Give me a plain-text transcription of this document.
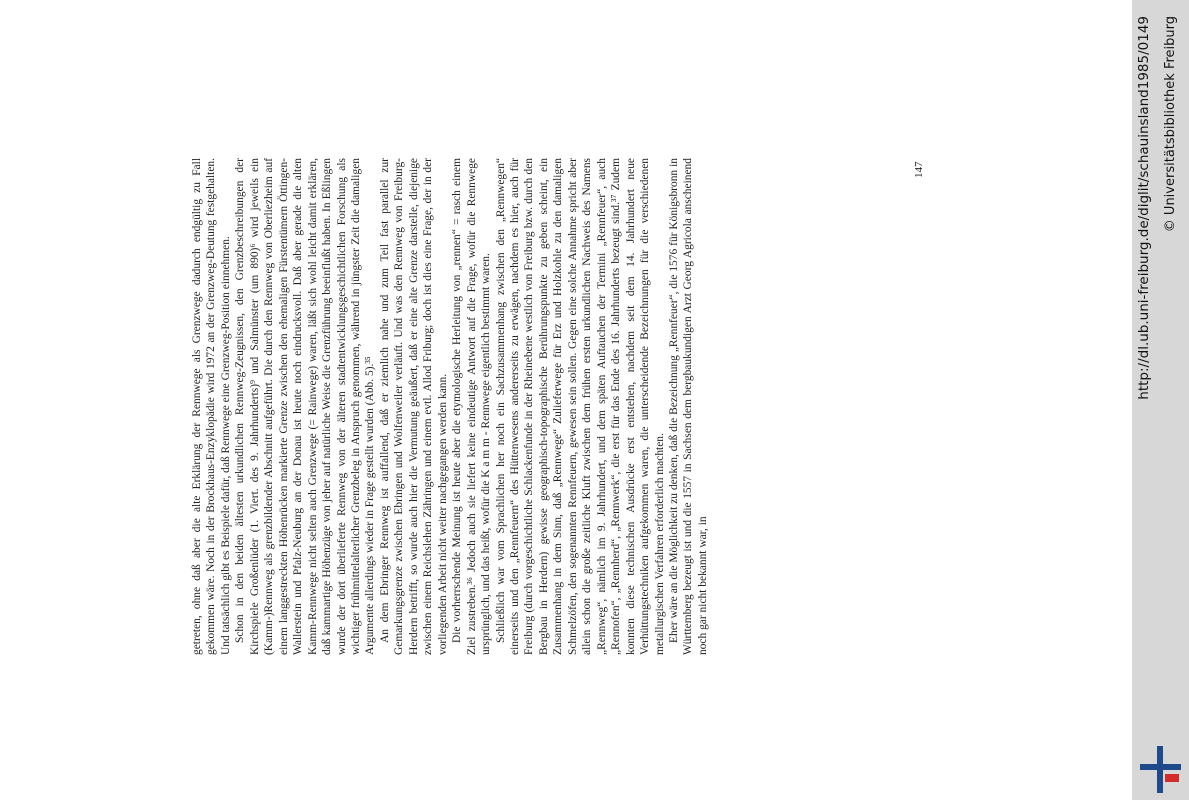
getreten, ohne daß aber die alte Erklärung der Rennwege als Grenzwege dadurch endgültig zu Fall gekommen wäre. Noch in der Brockhaus-Enzyklopädie wird 1972 an der Grenzweg-Deutung festgehalten. Und tatsächlich gibt es Beispiele dafür, daß Rennwege eine Grenzweg-Position einnehmen. Schon in den beiden ältesten urkundlichen Rennweg-Zeugnissen, den Grenzbeschreibungen der Kirchspiele Großenlüder (1. Viert. des 9. Jahrhunderts)⁹ und Salmünster (um 890)⁶ wird jeweils ein (Kamm-)Rennweg als grenzbildender Abschnitt aufgeführt. Die durch den Rennweg von Oberliezheim auf einem langgestreckten Höhenrücken markierte Grenze zwischen den ehemaligen Fürstentümern Öttingen-Wallerstein und Pfalz-Neuburg an der Donau ist heute noch eindrucksvoll. Daß aber gerade die alten Kamm-Rennwege nicht selten auch Grenzwege (= Rainwege) waren, läßt sich wohl leicht damit erklären, daß kammartige Höhenzüge von jeher auf natürliche Weise die Grenzführung beeinflußt haben. In Eßlingen wurde der dort überlieferte Rennweg von der älteren stadtentwicklungsgeschichtlichen Forschung als wichtiger frühmittelalterlicher Grenzbeleg in Anspruch genommen, während in jüngster Zeit die damaligen Argumente allerdings wieder in Frage gestellt wurden (Abb. 5).³⁵ An dem Ebringer Rennweg ist auffallend, daß er ziemlich nahe und zum Teil fast parallel zur Gemarkungsgrenze zwischen Ebringen und Wolfenweiler verläuft. Und was den Rennweg von Freiburg-Herdern betrifft, so wurde auch hier die Vermutung geäußert, daß er eine alte Grenze darstelle, diejenige zwischen einem Reichslehen Zähringen und einem evtl. Allod Friburg; doch ist dies eine Frage, der in der vorliegenden Arbeit nicht weiter nachgegangen werden kann. Die vorherrschende Meinung ist heute aber die etymologische Herleitung von „rennen“ = rasch einem Ziel zustreben.³⁶ Jedoch auch sie liefert keine eindeutige Antwort auf die Frage, wofür die Rennwege ursprünglich, und das heißt, wofür die K a m m - Rennwege eigentlich bestimmt waren. Schließlich war vom Sprachlichen her noch ein Sachzusammenhang zwischen den „Rennwegen“ einerseits und den „Rennfeuern“ des Hüttenwesens andererseits zu erwägen, nachdem es hier, auch für Freiburg (durch vorgeschichtliche Schlackenfunde in der Rheinebene westlich von Freiburg bzw. durch den Bergbau in Herdern) gewisse geographisch-topographische Berührungspunkte zu geben scheint, ein Zusammenhang in dem Sinn, daß „Rennwege“ Zulieferwege für Erz und Holzkohle zu den damaligen Schmelzöfen, den sogenannten Rennfeuern, gewesen sein sollen. Gegen eine solche Annahme spricht aber allein schon die große zeitliche Kluft zwischen dem frühen ersten urkundlichen Nachweis des Namens „Rennweg“, nämlich im 9. Jahrhundert, und dem späten Auftauchen der Termini „Rennfeuer“, auch „Rennofen“, „Rennherd“, „Rennwerk“, die erst für das Ende des 16. Jahrhunderts bezeugt sind.³⁷ Zudem konnten diese technischen Ausdrücke erst entstehen, nachdem seit dem 14. Jahrhundert neue Verhüttungstechniken aufgekommen waren, die unterscheidende Bezeichnungen für die verschiedenen metallurgischen Verfahren erforderlich machten. Eher wäre an die Möglichkeit zu denken, daß die Bezeichnung „Rennfeuer“, die 1576 für Königsbronn in Württemberg bezeugt ist und die 1557 in Sachsen dem bergbaukundigen Arzt Georg Agricola anscheinend noch gar nicht bekannt war, in

147	http://dl.ub.uni-freiburg.de/diglit/schauinsland1985/0149 © Universitätsbibliothek Freiburg
